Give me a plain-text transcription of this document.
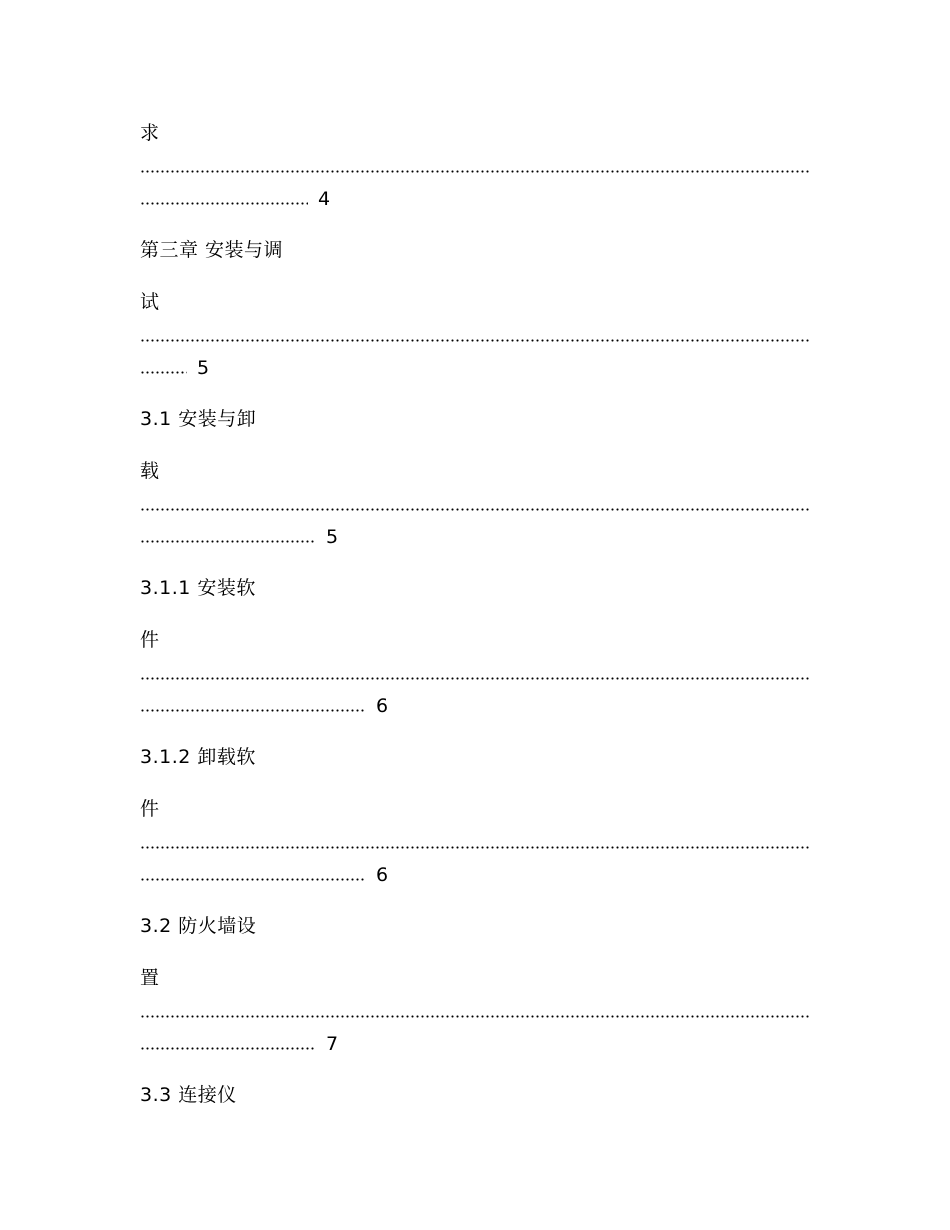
求
4
第三章 安装与调
试
5
3.1 安装与卸
载
5
3.1.1 安装软
件
6
3.1.2 卸载软
件
6
3.2 防火墙设
置
7
3.3 连接仪
